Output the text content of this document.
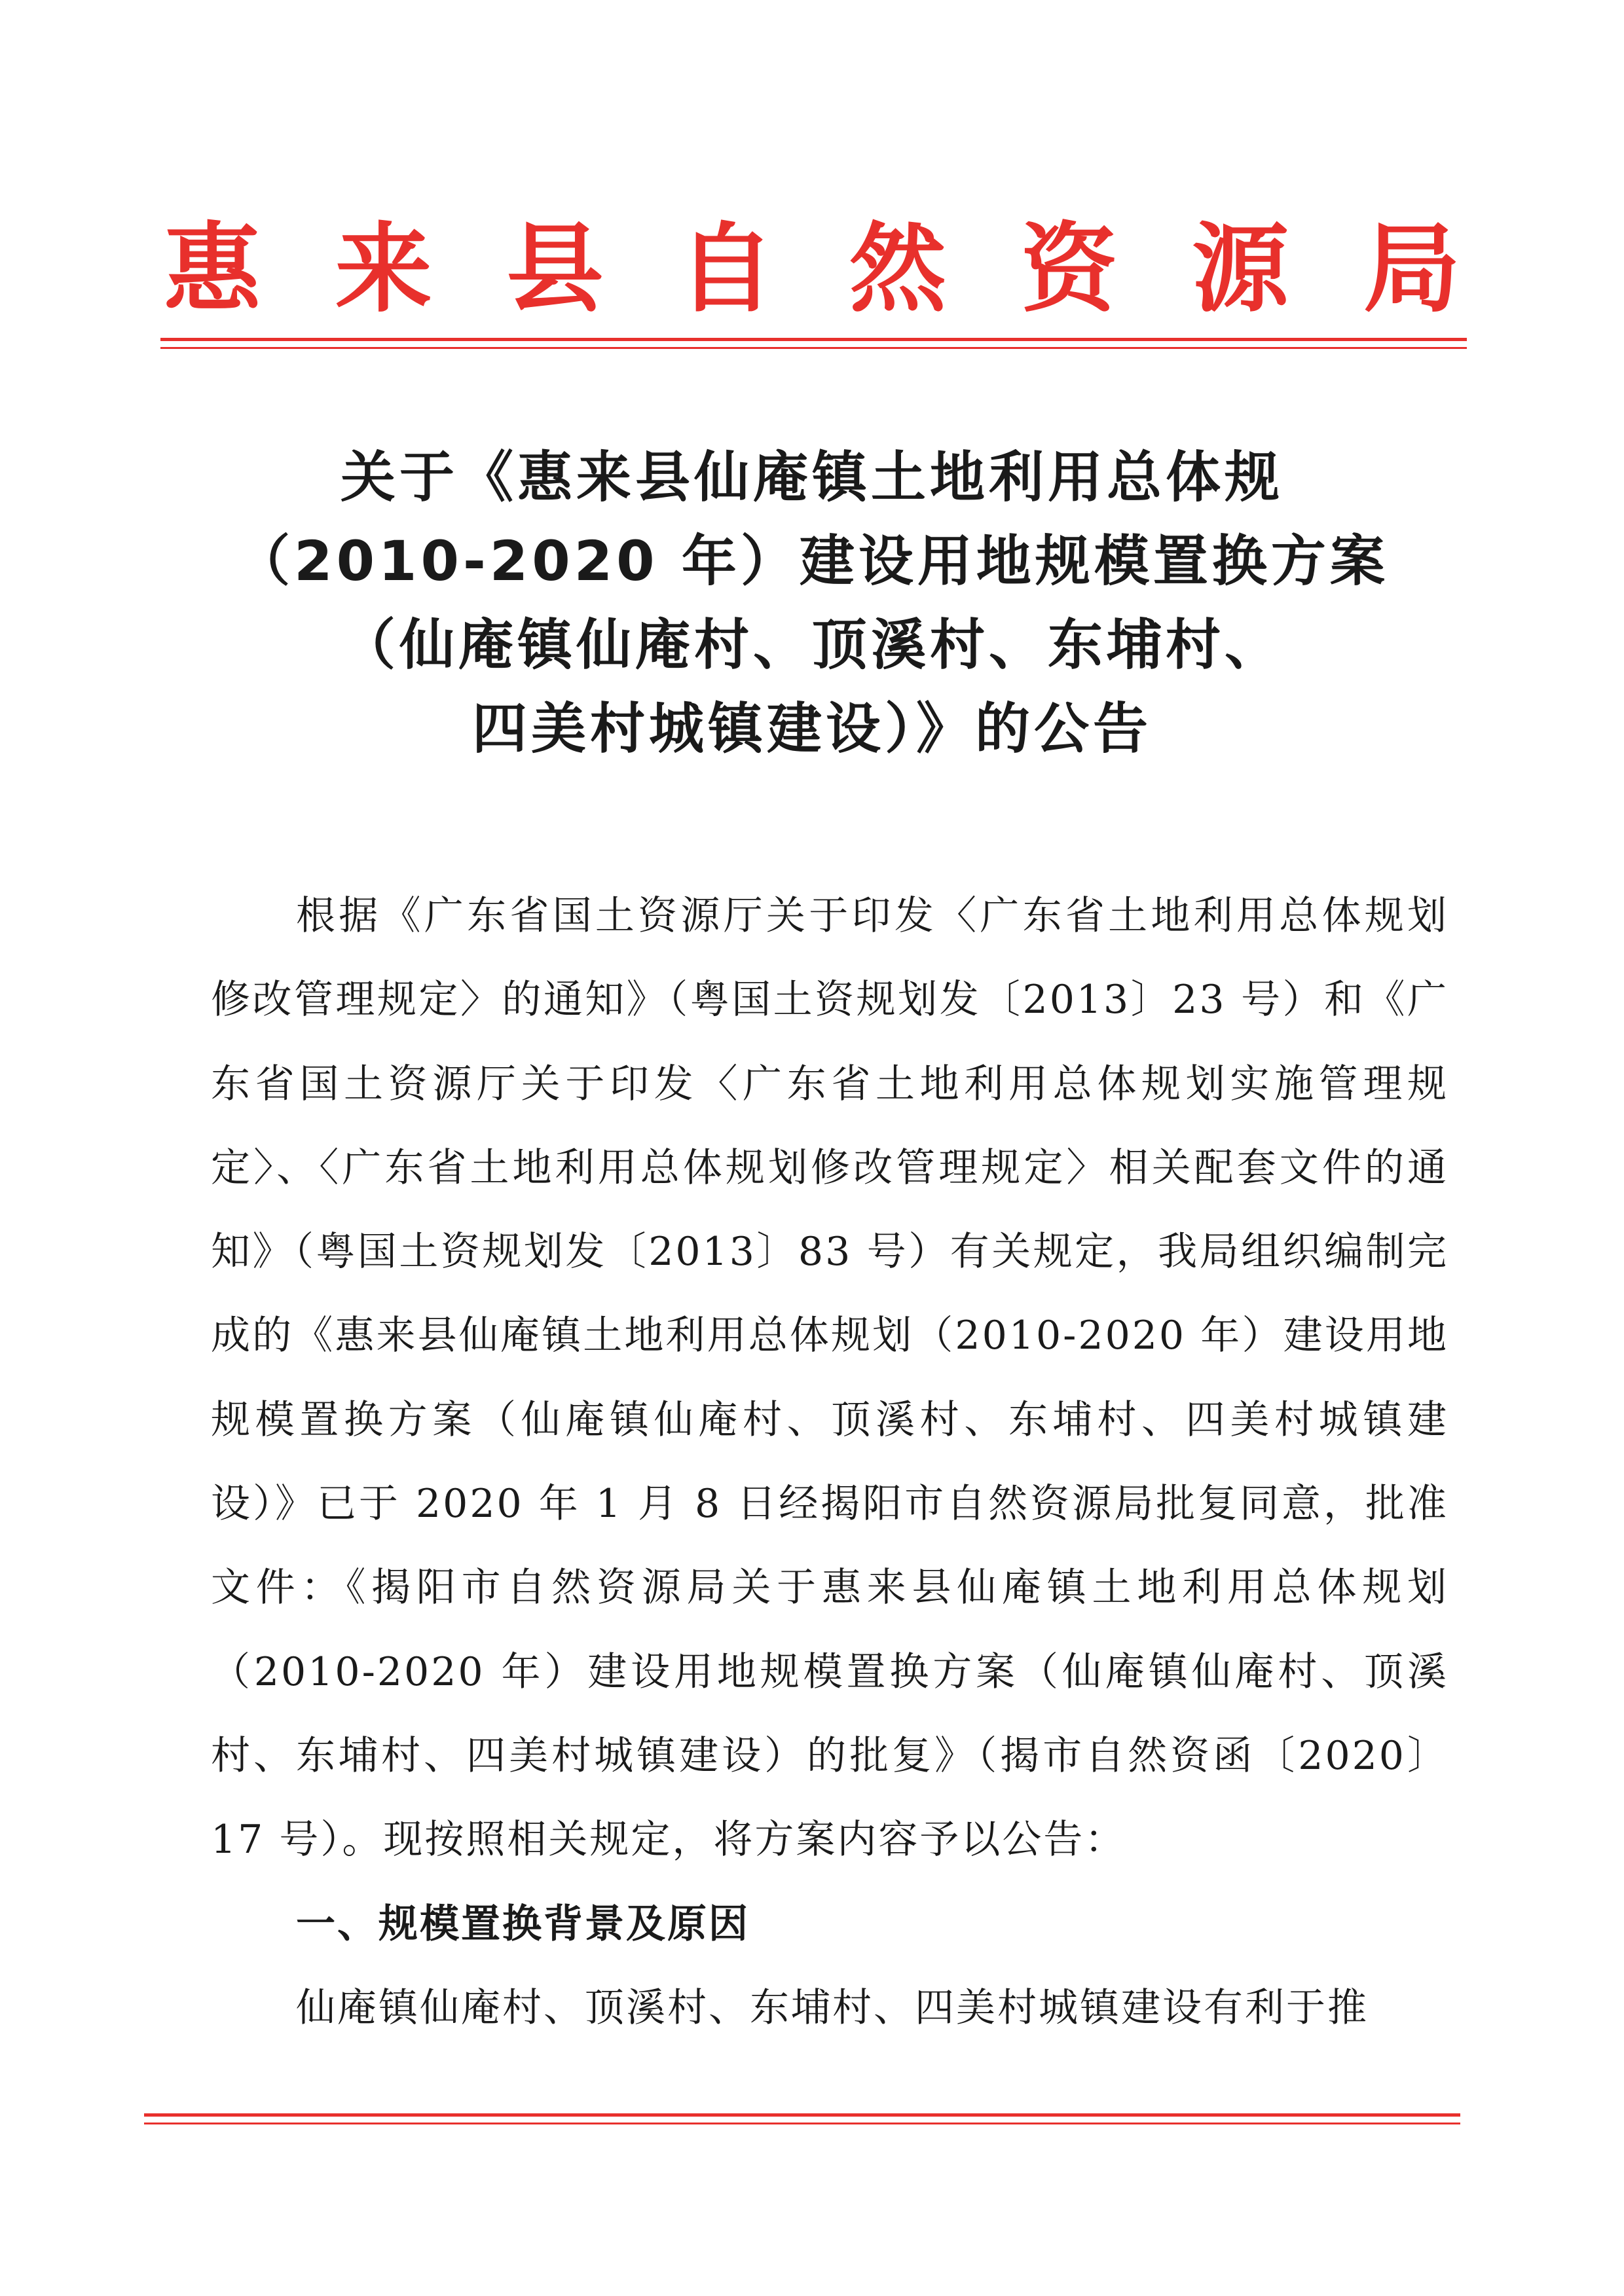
惠 来 县 自 然 资 源 局
关于《惠来县仙庵镇土地利用总体规
（2010-2020 年）建设用地规模置换方案
（仙庵镇仙庵村、顶溪村、东埔村、
四美村城镇建设）》的公告

根据《广东省国土资源厅关于印发〈广东省土地利用总体规划修改管理规定〉的通知》（粤国土资规划发〔2013〕23 号）和《广东省国土资源厅关于印发〈广东省土地利用总体规划实施管理规定〉、〈广东省土地利用总体规划修改管理规定〉相关配套文件的通知》（粤国土资规划发〔2013〕83 号）有关规定，我局组织编制完成的《惠来县仙庵镇土地利用总体规划（2010-2020 年）建设用地规模置换方案（仙庵镇仙庵村、顶溪村、东埔村、四美村城镇建设）》已于 2020 年 1 月 8 日经揭阳市自然资源局批复同意，批准文件：《揭阳市自然资源局关于惠来县仙庵镇土地利用总体规划（2010-2020 年）建设用地规模置换方案（仙庵镇仙庵村、顶溪村、东埔村、四美村城镇建设）的批复》（揭市自然资函〔2020〕17 号）。现按照相关规定，将方案内容予以公告：

一、规模置换背景及原因

仙庵镇仙庵村、顶溪村、东埔村、四美村城镇建设有利于推
